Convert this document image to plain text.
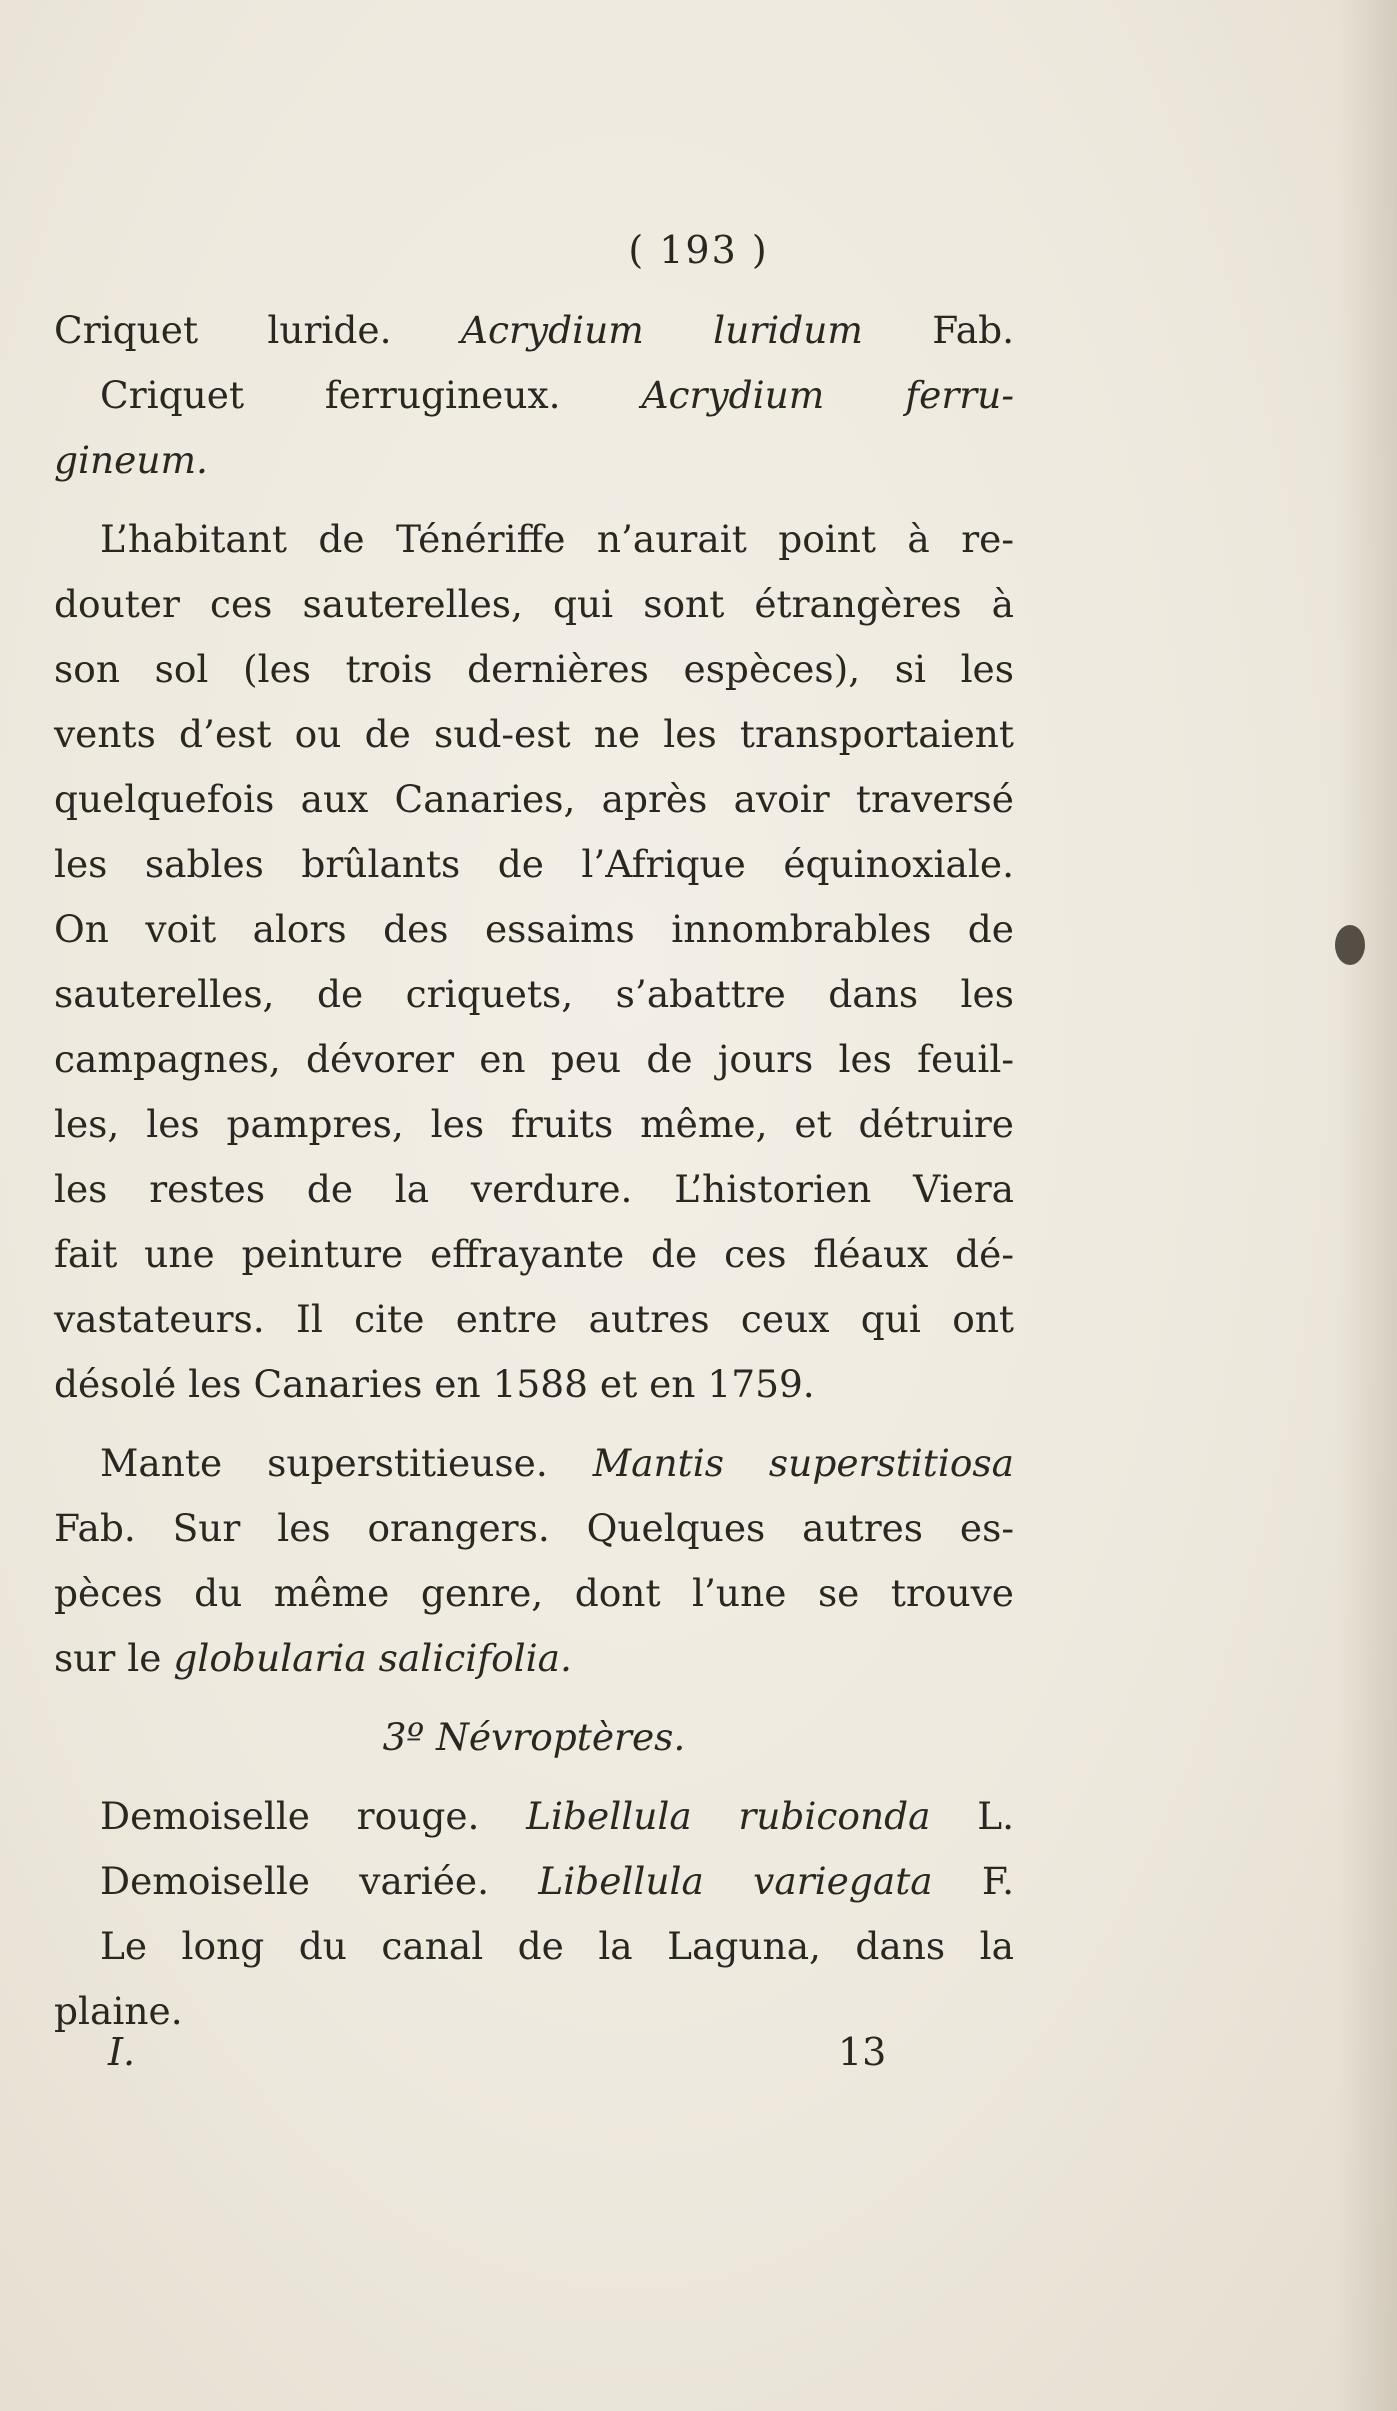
( 193 )
Criquet luride. Acrydium luridum Fab.
Criquet ferrugineux. Acrydium ferru-
gineum.
L’habitant de Ténériffe n’aurait point à re-
douter ces sauterelles, qui sont étrangères à
son sol (les trois dernières espèces), si les
vents d’est ou de sud-est ne les transportaient
quelquefois aux Canaries, après avoir traversé
les sables brûlants de l’Afrique équinoxiale.
On voit alors des essaims innombrables de
sauterelles, de criquets, s’abattre dans les
campagnes, dévorer en peu de jours les feuil-
les, les pampres, les fruits même, et détruire
les restes de la verdure. L’historien Viera
fait une peinture effrayante de ces fléaux dé-
vastateurs. Il cite entre autres ceux qui ont
désolé les Canaries en 1588 et en 1759.
Mante superstitieuse. Mantis superstitiosa
Fab. Sur les orangers. Quelques autres es-
pèces du même genre, dont l’une se trouve
sur le globularia salicifolia.
3º Névroptères.
Demoiselle rouge. Libellula rubiconda L.
Demoiselle variée. Libellula variegata F.
Le long du canal de la Laguna, dans la
plaine.
I.	13
